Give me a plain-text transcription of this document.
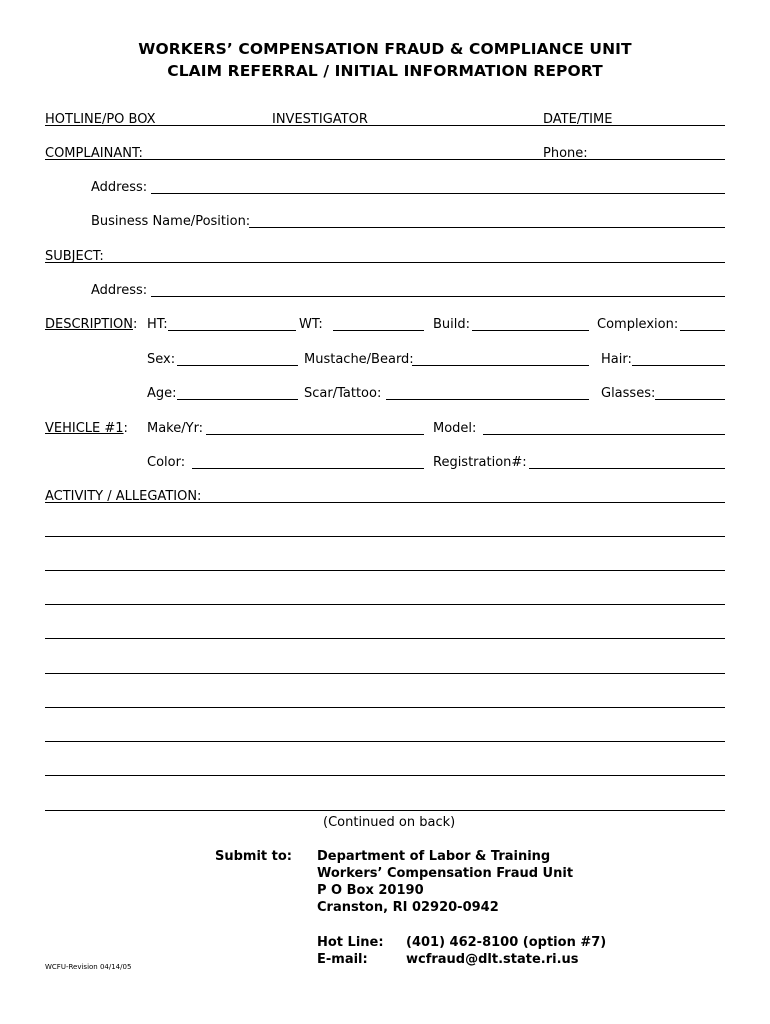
WORKERS’ COMPENSATION FRAUD & COMPLIANCE UNIT
CLAIM REFERRAL / INITIAL INFORMATION REPORT
HOTLINE/PO BOX	INVESTIGATOR	DATE/TIME
COMPLAINANT:	Phone:
Address:
Business Name/Position:
SUBJECT:
Address:
DESCRIPTION: HT:	WT:	Build:	Complexion:
Sex:	Mustache/Beard:	Hair:
Age:	Scar/Tattoo:	Glasses:
VEHICLE #1: Make/Yr:	Model:
Color:	Registration#:
ACTIVITY / ALLEGATION:
(Continued on back)
Submit to: Department of Labor & Training
Workers’ Compensation Fraud Unit
P O Box 20190
Cranston, RI 02920-0942
Hot Line: (401) 462-8100 (option #7)
E-mail:	wcfraud@dlt.state.ri.us
WCFU-Revision 04/14/05
